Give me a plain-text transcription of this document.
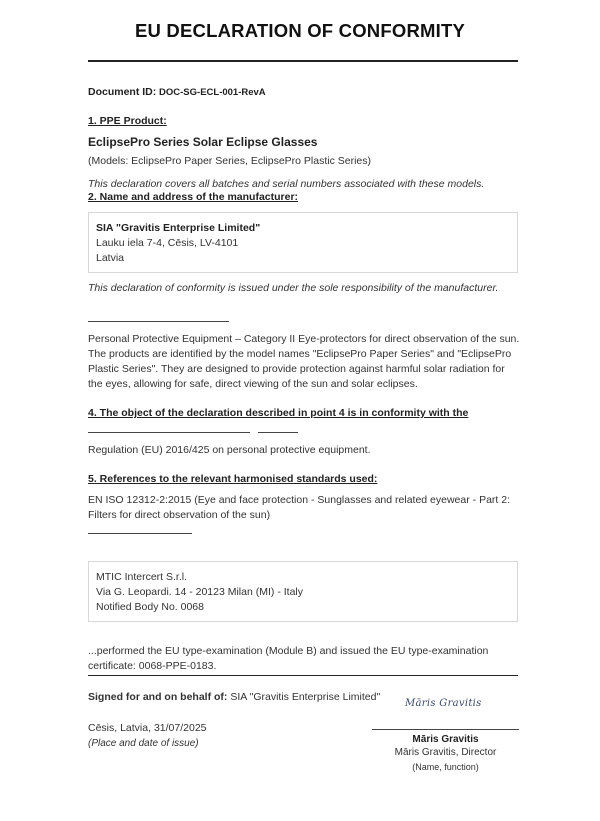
EU DECLARATION OF CONFORMITY
Document ID: DOC-SG-ECL-001-RevA
1. PPE Product:
EclipsePro Series Solar Eclipse Glasses
(Models: EclipsePro Paper Series, EclipsePro Plastic Series)
This declaration covers all batches and serial numbers associated with these models.
2. Name and address of the manufacturer:
SIA "Gravitis Enterprise Limited"
Lauku iela 7-4, Cēsis, LV-4101
Latvia
This declaration of conformity is issued under the sole responsibility of the manufacturer.
Personal Protective Equipment – Category II Eye-protectors for direct observation of the sun. The products are identified by the model names "EclipsePro Paper Series" and "EclipsePro Plastic Series". They are designed to provide protection against harmful solar radiation for the eyes, allowing for safe, direct viewing of the sun and solar eclipses.
4. The object of the declaration described in point 4 is in conformity with the
Regulation (EU) 2016/425 on personal protective equipment.
5. References to the relevant harmonised standards used:
EN ISO 12312-2:2015 (Eye and face protection - Sunglasses and related eyewear - Part 2: Filters for direct observation of the sun)
MTIC Intercert S.r.l.
Via G. Leopardi. 14 - 20123 Milan (MI) - Italy
Notified Body No. 0068
...performed the EU type-examination (Module B) and issued the EU type-examination certificate: 0068-PPE-0183.
Signed for and on behalf of: SIA "Gravitis Enterprise Limited"
Māris Gravitis
Cēsis, Latvia, 31/07/2025
(Place and date of issue)	Māris Gravitis
Māris Gravitis, Director
(Name, function)
